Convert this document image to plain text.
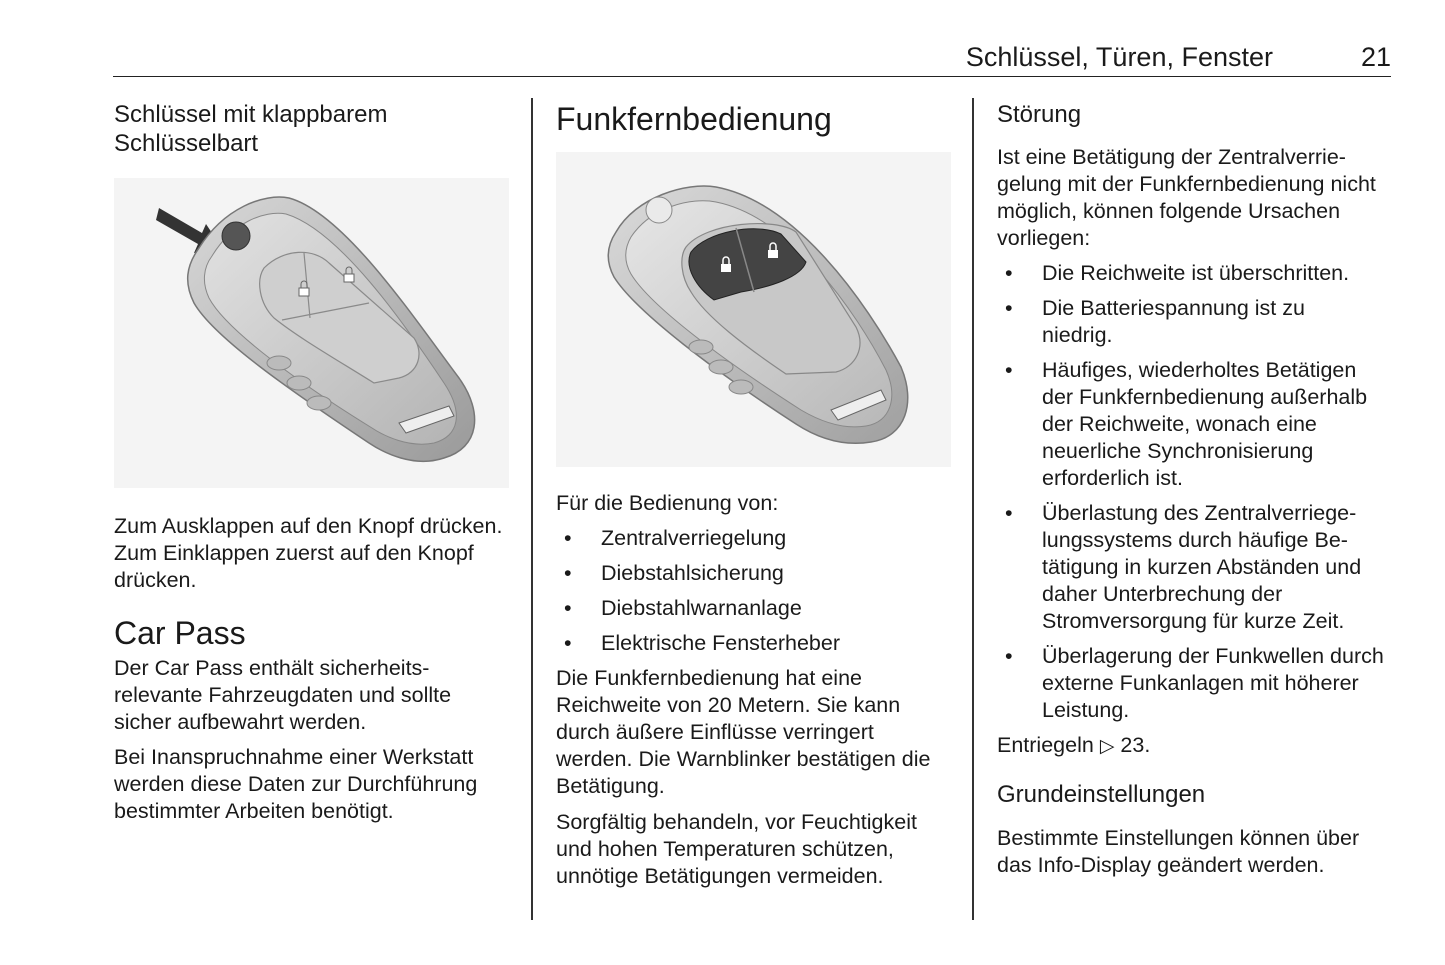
Schlüssel, Türen, Fenster	21
Schlüssel mit klappbarem Schlüsselbart

Zum Ausklappen auf den Knopf drücken. Zum Einklappen zuerst auf den Knopf drücken.

Car Pass

Der Car Pass enthält sicherheitsrelevante Fahrzeugdaten und sollte sicher aufbewahrt werden.

Bei Inanspruchnahme einer Werkstatt werden diese Daten zur Durchführung bestimmter Arbeiten benötigt.

Funkfernbedienung

Für die Bedienung von:

• Zentralverriegelung
• Diebstahlsicherung
• Diebstahlwarnanlage
• Elektrische Fensterheber

Die Funkfernbedienung hat eine Reichweite von 20 Metern. Sie kann durch äußere Einflüsse verringert werden. Die Warnblinker bestätigen die Betätigung.

Sorgfältig behandeln, vor Feuchtigkeit und hohen Temperaturen schützen, unnötige Betätigungen vermeiden.

Störung

Ist eine Betätigung der Zentralverriegelung mit der Funkfernbedienung nicht möglich, können folgende Ursachen vorliegen:

• Die Reichweite ist überschritten.
• Die Batteriespannung ist zu niedrig.
• Häufiges, wiederholtes Betätigen der Funkfernbedienung außerhalb der Reichweite, wonach eine neuerliche Synchronisierung erforderlich ist.
• Überlastung des Zentralverriegelungssystems durch häufige Betätigung in kurzen Abständen und daher Unterbrechung der Stromversorgung für kurze Zeit.
• Überlagerung der Funkwellen durch externe Funkanlagen mit höherer Leistung.

Entriegeln ▷ 23.

Grundeinstellungen

Bestimmte Einstellungen können über das Info-Display geändert werden.
